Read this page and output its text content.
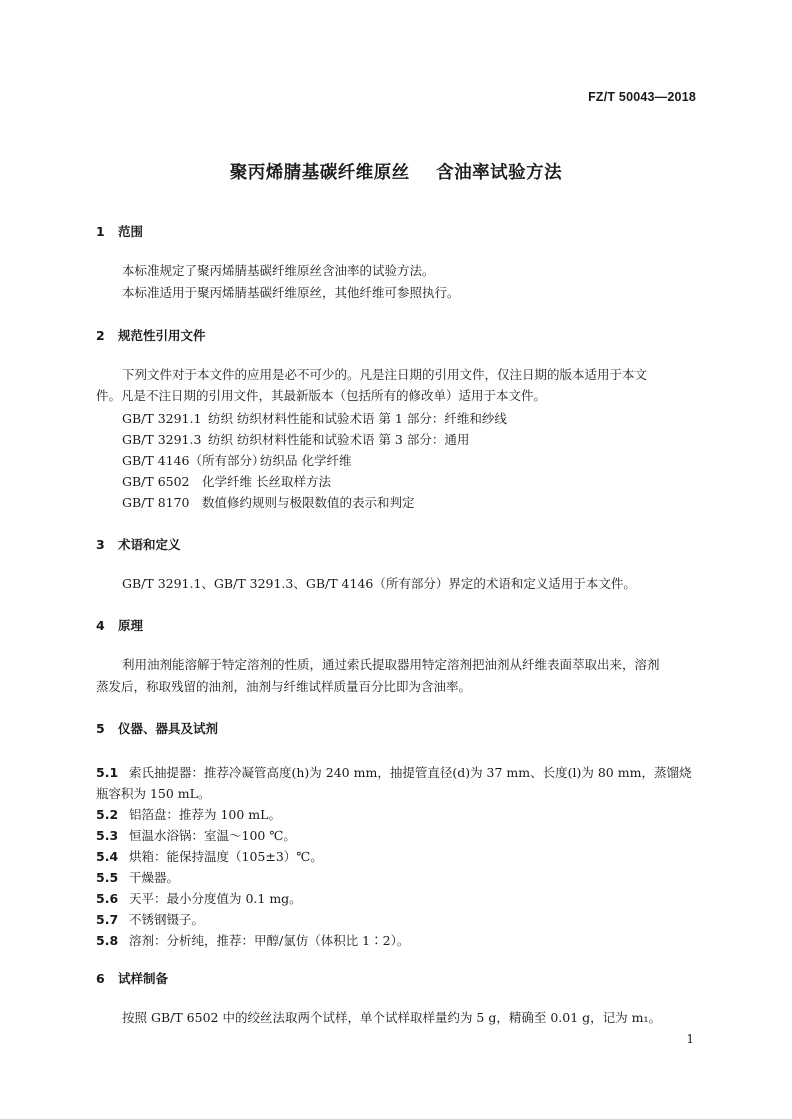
FZ/T 50043—2018
聚丙烯腈基碳纤维原丝    含油率试验方法
1 范围
本标准规定了聚丙烯腈基碳纤维原丝含油率的试验方法。
本标准适用于聚丙烯腈基碳纤维原丝，其他纤维可参照执行。
2 规范性引用文件
下列文件对于本文件的应用是必不可少的。凡是注日期的引用文件，仅注日期的版本适用于本文
件。凡是不注日期的引用文件，其最新版本（包括所有的修改单）适用于本文件。
GB/T 3291.1 纺织 纺织材料性能和试验术语 第 1 部分：纤维和纱线
GB/T 3291.3 纺织 纺织材料性能和试验术语 第 3 部分：通用
GB/T 4146（所有部分）纺织品 化学纤维
GB/T 6502 化学纤维 长丝取样方法
GB/T 8170 数值修约规则与极限数值的表示和判定
3 术语和定义
GB/T 3291.1、GB/T 3291.3、GB/T 4146（所有部分）界定的术语和定义适用于本文件。
4 原理
利用油剂能溶解于特定溶剂的性质，通过索氏提取器用特定溶剂把油剂从纤维表面萃取出来，溶剂
蒸发后，称取残留的油剂，油剂与纤维试样质量百分比即为含油率。
5 仪器、器具及试剂
5.1 索氏抽提器：推荐冷凝管高度(h)为 240 mm，抽提管直径(d)为 37 mm、长度(l)为 80 mm，蒸馏烧
瓶容积为 150 mL。
5.2 铝箔盘：推荐为 100 mL。
5.3 恒温水浴锅：室温～100 ℃。
5.4 烘箱：能保持温度（105±3）℃。
5.5 干燥器。
5.6 天平：最小分度值为 0.1 mg。
5.7 不锈钢镊子。
5.8 溶剂：分析纯，推荐：甲醇/氯仿（体积比 1∶2）。
6 试样制备
按照 GB/T 6502 中的绞丝法取两个试样，单个试样取样量约为 5 g，精确至 0.01 g，记为 m₁。
1
